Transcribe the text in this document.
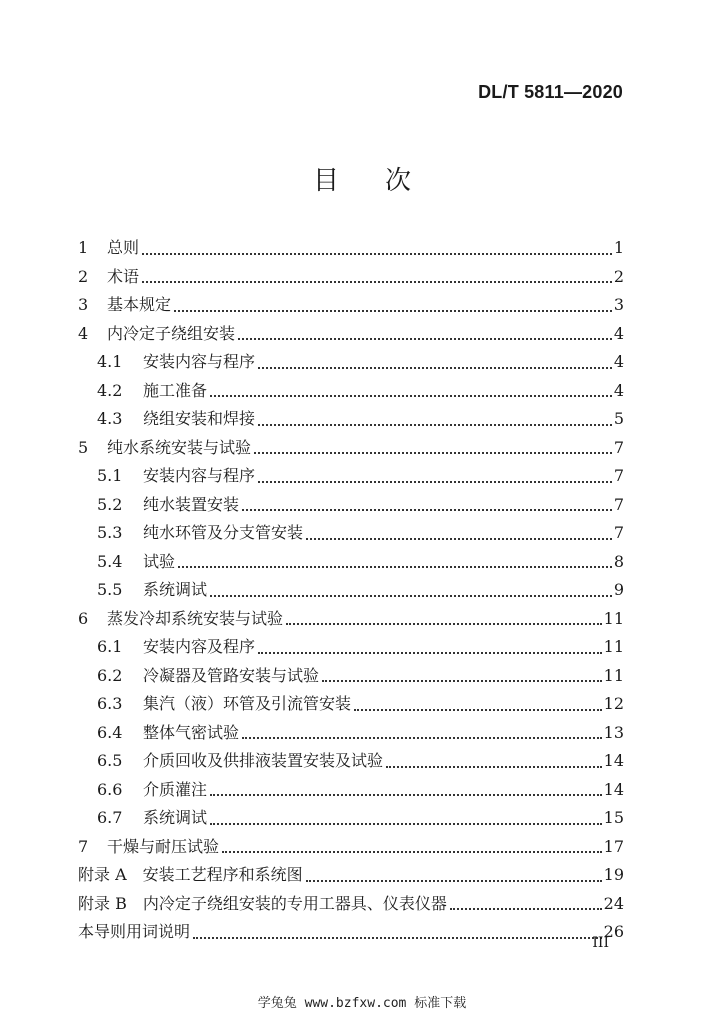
DL/T 5811—2020
目 次
1	总则	1
2	术语	2
3	基本规定	3
4	内冷定子绕组安装	4
4.1	安装内容与程序	4
4.2	施工准备	4
4.3	绕组安装和焊接	5
5	纯水系统安装与试验	7
5.1	安装内容与程序	7
5.2	纯水装置安装	7
5.3	纯水环管及分支管安装	7
5.4	试验	8
5.5	系统调试	9
6	蒸发冷却系统安装与试验	11
6.1	安装内容及程序	11
6.2	冷凝器及管路安装与试验	11
6.3	集汽（液）环管及引流管安装	12
6.4	整体气密试验	13
6.5	介质回收及供排液装置安装及试验	14
6.6	介质灌注	14
6.7	系统调试	15
7	干燥与耐压试验	17
附录 A　安装工艺程序和系统图	19
附录 B　内冷定子绕组安装的专用工器具、仪表仪器	24
本导则用词说明	26
III
学兔兔 www.bzfxw.com 标准下载
